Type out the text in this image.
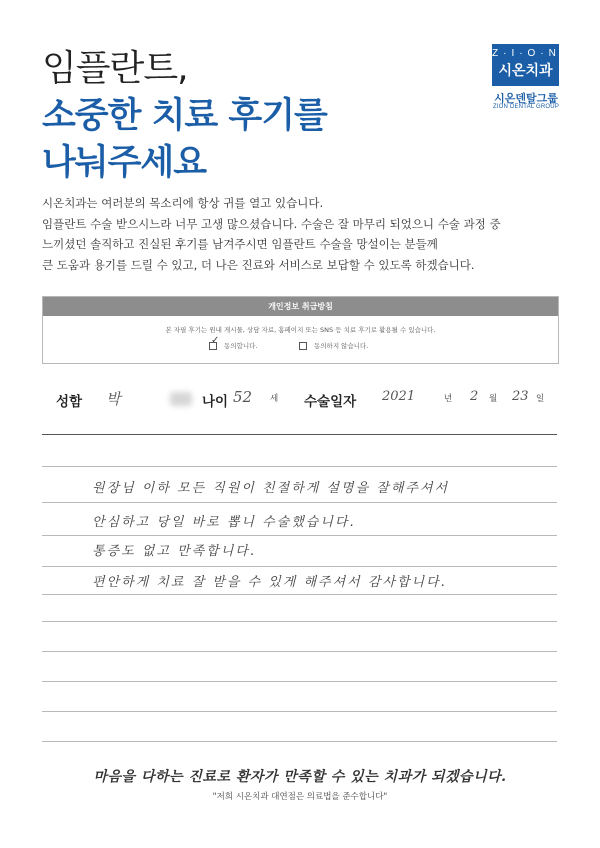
임플란트,
소중한 치료 후기를
나눠주세요
Z·I·O·N
시온치과
시온덴탈그룹
ZION DENTAL GROUP
시온치과는 여러분의 목소리에 항상 귀를 열고 있습니다.
임플란트 수술 받으시느라 너무 고생 많으셨습니다. 수술은 잘 마무리 되었으니 수술 과정 중
느끼셨던 솔직하고 진실된 후기를 남겨주시면 임플란트 수술을 망설이는 분들께
큰 도움과 용기를 드릴 수 있고, 더 나은 진료와 서비스로 보답할 수 있도록 하겠습니다.
개인정보 취급방침
본 자필 후기는 원내 게시물, 상담 자료, 홈페이지 또는 SNS 등 치료 후기로 활용될 수 있습니다.
✓
동의합니다.	동의하지 않습니다.
성함 박	나이 52 세 수술일자 2021	년 2 월 23 일
원장님 이하 모든 직원이 친절하게 설명을 잘해주셔서
안심하고 당일 바로 뽑니 수술했습니다.
통증도 없고 만족합니다.
편안하게 치료 잘 받을 수 있게 해주셔서 감사합니다.
마음을 다하는 진료로 환자가 만족할 수 있는 치과가 되겠습니다.
"저희 시온치과 대연점은 의료법을 준수합니다"
